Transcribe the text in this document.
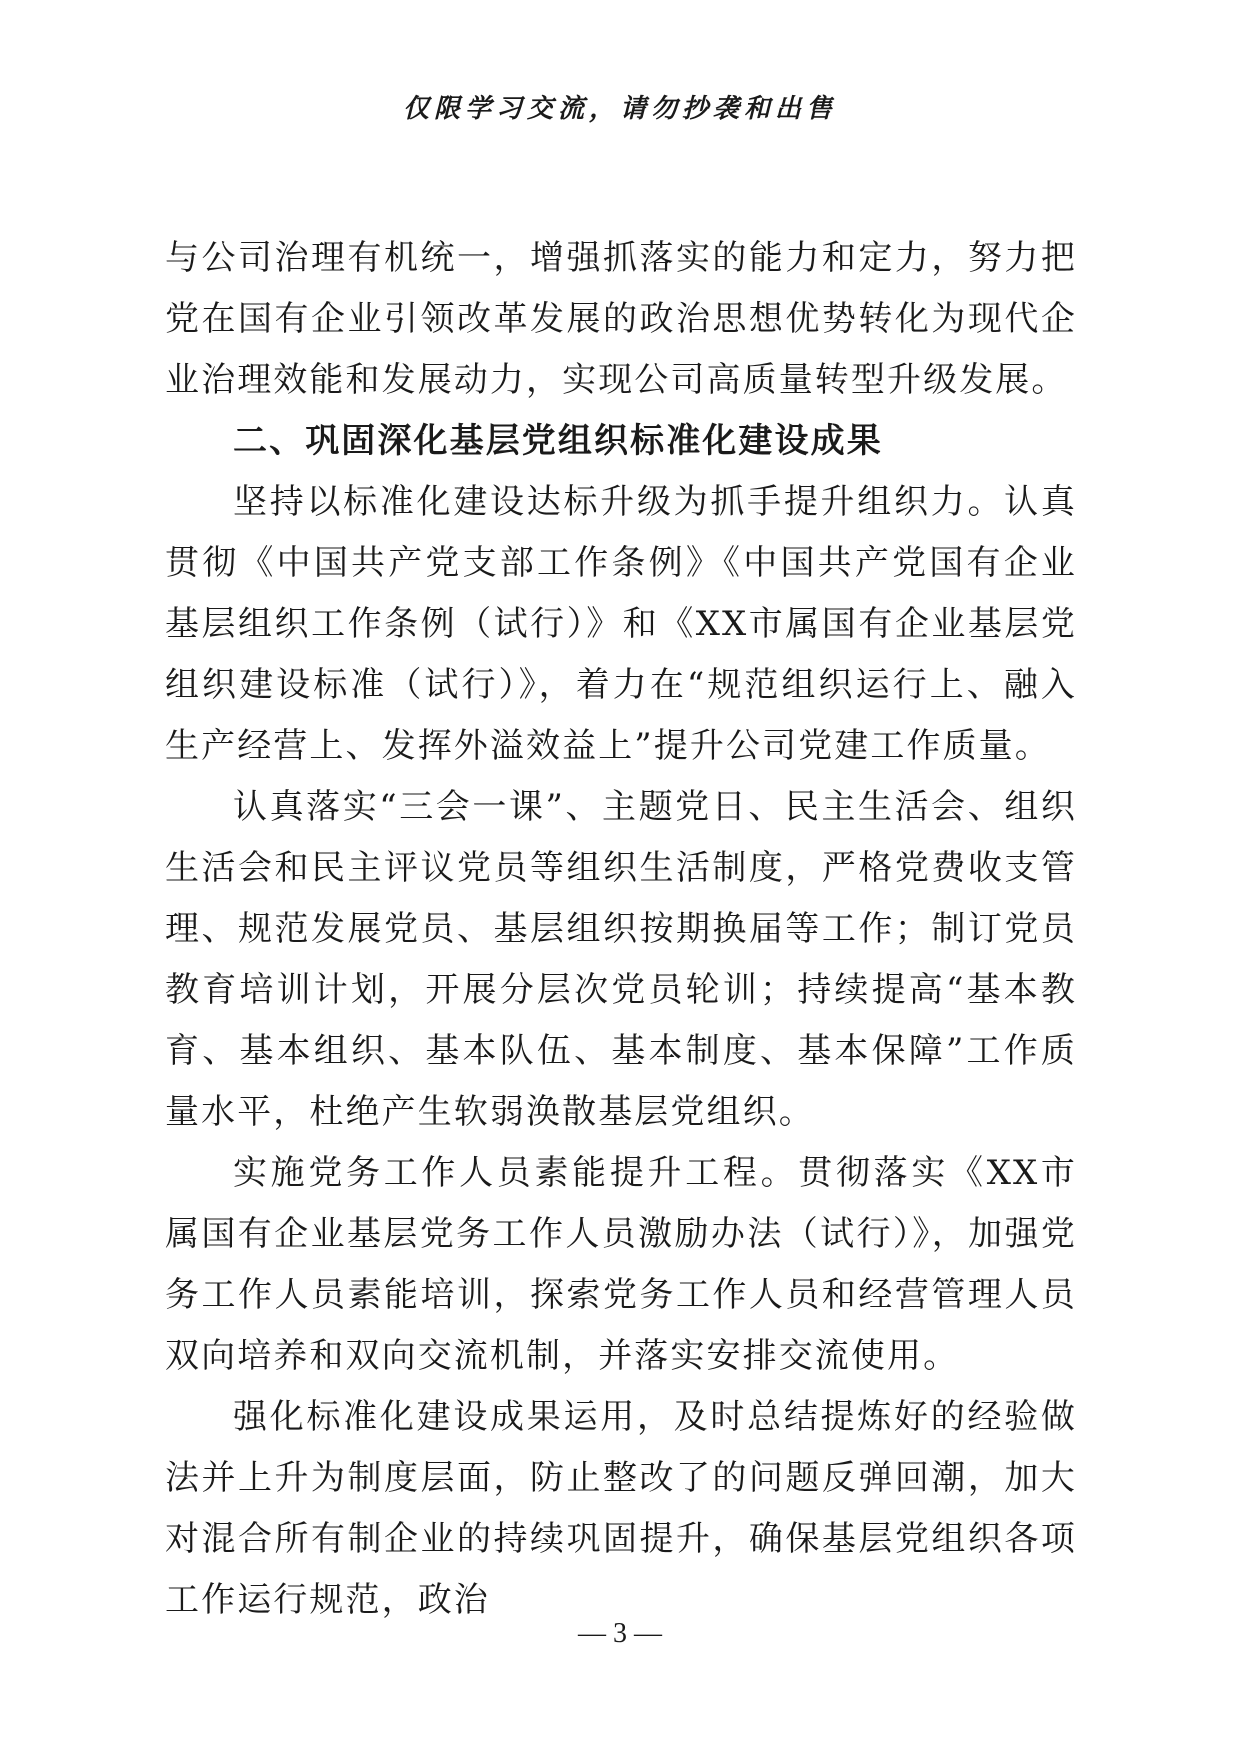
仅限学习交流，请勿抄袭和出售

与公司治理有机统一，增强抓落实的能力和定力，努力把党在国有企业引领改革发展的政治思想优势转化为现代企业治理效能和发展动力，实现公司高质量转型升级发展。

二、巩固深化基层党组织标准化建设成果

坚持以标准化建设达标升级为抓手提升组织力。认真贯彻《中国共产党支部工作条例》《中国共产党国有企业基层组织工作条例（试行）》和《XX市属国有企业基层党组织建设标准（试行）》，着力在“规范组织运行上、融入生产经营上、发挥外溢效益上”提升公司党建工作质量。

认真落实“三会一课”、主题党日、民主生活会、组织生活会和民主评议党员等组织生活制度，严格党费收支管理、规范发展党员、基层组织按期换届等工作；制订党员教育培训计划，开展分层次党员轮训；持续提高“基本教育、基本组织、基本队伍、基本制度、基本保障”工作质量水平，杜绝产生软弱涣散基层党组织。

实施党务工作人员素能提升工程。贯彻落实《XX市属国有企业基层党务工作人员激励办法（试行）》，加强党务工作人员素能培训，探索党务工作人员和经营管理人员双向培养和双向交流机制，并落实安排交流使用。

强化标准化建设成果运用，及时总结提炼好的经验做法并上升为制度层面，防止整改了的问题反弹回潮，加大对混合所有制企业的持续巩固提升，确保基层党组织各项工作运行规范，政治

— 3 —
